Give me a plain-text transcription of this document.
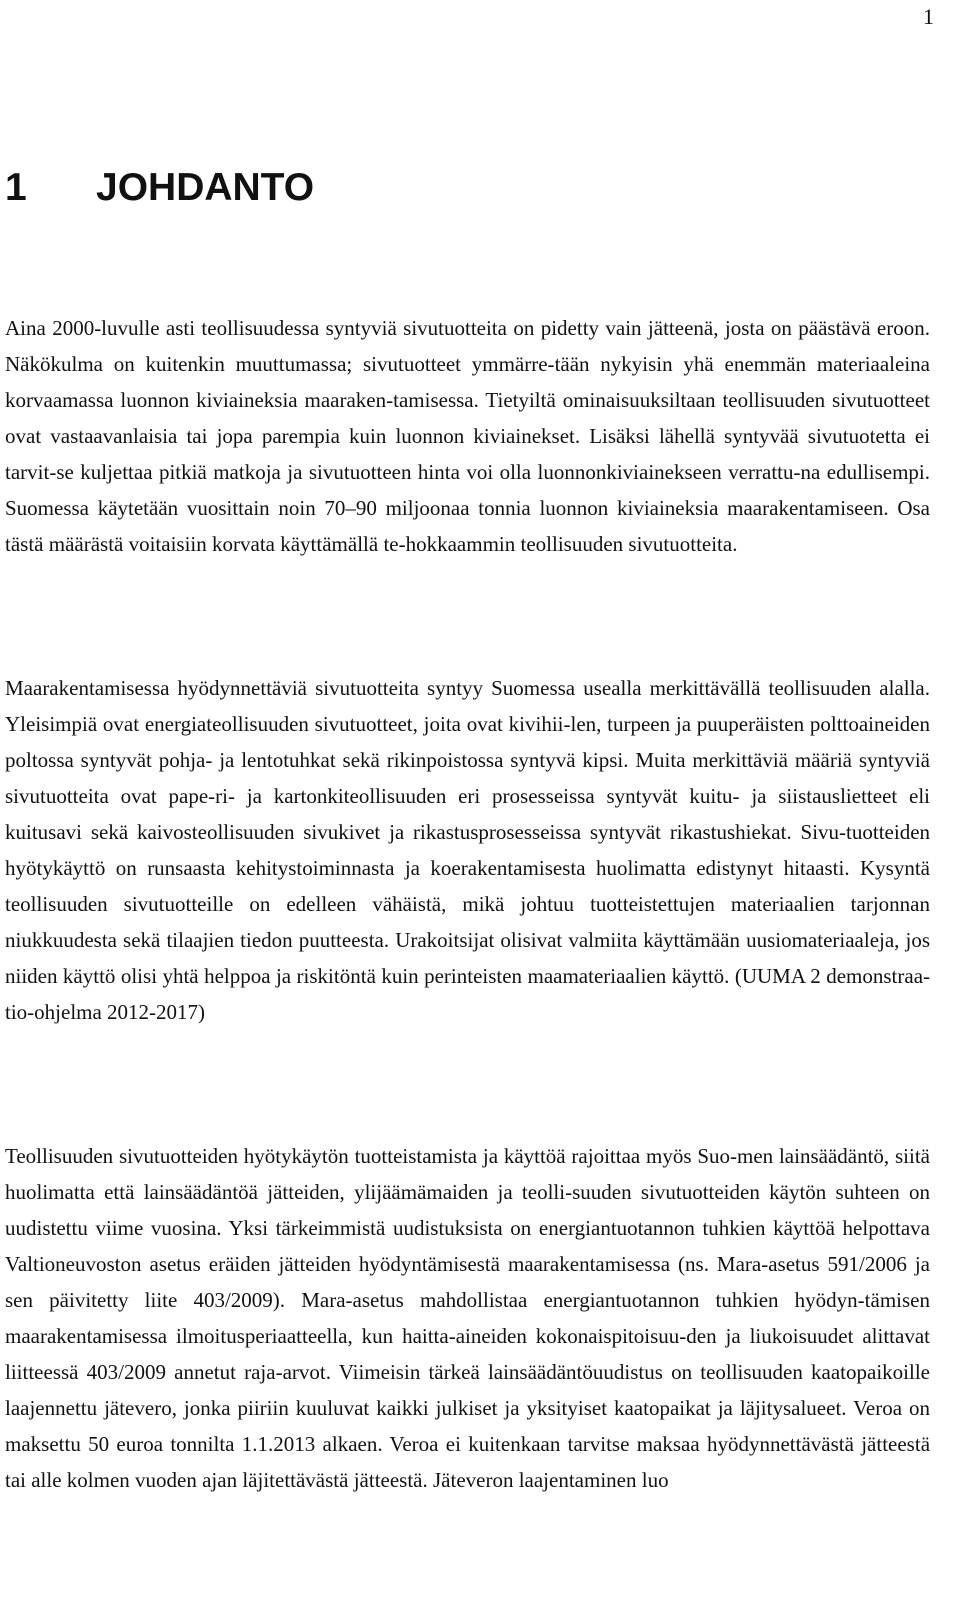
1
1 JOHDANTO
Aina 2000-luvulle asti teollisuudessa syntyviä sivutuotteita on pidetty vain jätteenä, josta on päästävä eroon. Näkökulma on kuitenkin muuttumassa; sivutuotteet ymmärre-tään nykyisin yhä enemmän materiaaleina korvaamassa luonnon kiviaineksia maaraken-tamisessa. Tietyiltä ominaisuuksiltaan teollisuuden sivutuotteet ovat vastaavanlaisia tai jopa parempia kuin luonnon kiviainekset. Lisäksi lähellä syntyvää sivutuotetta ei tarvit-se kuljettaa pitkiä matkoja ja sivutuotteen hinta voi olla luonnonkiviainekseen verrattu-na edullisempi. Suomessa käytetään vuosittain noin 70–90 miljoonaa tonnia luonnon kiviaineksia maarakentamiseen. Osa tästä määrästä voitaisiin korvata käyttämällä te-hokkaammin teollisuuden sivutuotteita.
Maarakentamisessa hyödynnettäviä sivutuotteita syntyy Suomessa usealla merkittävällä teollisuuden alalla. Yleisimpiä ovat energiateollisuuden sivutuotteet, joita ovat kivihii-len, turpeen ja puuperäisten polttoaineiden poltossa syntyvät pohja- ja lentotuhkat sekä rikinpoistossa syntyvä kipsi. Muita merkittäviä määriä syntyviä sivutuotteita ovat pape-ri- ja kartonkiteollisuuden eri prosesseissa syntyvät kuitu- ja siistauslietteet eli kuitusavi sekä kaivosteollisuuden sivukivet ja rikastusprosesseissa syntyvät rikastushiekat. Sivu-tuotteiden hyötykäyttö on runsaasta kehitystoiminnasta ja koerakentamisesta huolimatta edistynyt hitaasti. Kysyntä teollisuuden sivutuotteille on edelleen vähäistä, mikä johtuu tuotteistettujen materiaalien tarjonnan niukkuudesta sekä tilaajien tiedon puutteesta. Urakoitsijat olisivat valmiita käyttämään uusiomateriaaleja, jos niiden käyttö olisi yhtä helppoa ja riskitöntä kuin perinteisten maamateriaalien käyttö. (UUMA 2 demonstraa-tio-ohjelma 2012-2017)
Teollisuuden sivutuotteiden hyötykäytön tuotteistamista ja käyttöä rajoittaa myös Suo-men lainsäädäntö, siitä huolimatta että lainsäädäntöä jätteiden, ylijäämämaiden ja teolli-suuden sivutuotteiden käytön suhteen on uudistettu viime vuosina. Yksi tärkeimmistä uudistuksista on energiantuotannon tuhkien käyttöä helpottava Valtioneuvoston asetus eräiden jätteiden hyödyntämisestä maarakentamisessa (ns. Mara-asetus 591/2006 ja sen päivitetty liite 403/2009). Mara-asetus mahdollistaa energiantuotannon tuhkien hyödyn-tämisen maarakentamisessa ilmoitusperiaatteella, kun haitta-aineiden kokonaispitoisuu-den ja liukoisuudet alittavat liitteessä 403/2009 annetut raja-arvot. Viimeisin tärkeä lainsäädäntöuudistus on teollisuuden kaatopaikoille laajennettu jätevero, jonka piiriin kuuluvat kaikki julkiset ja yksityiset kaatopaikat ja läjitysalueet. Veroa on maksettu 50 euroa tonnilta 1.1.2013 alkaen. Veroa ei kuitenkaan tarvitse maksaa hyödynnettävästä jätteestä tai alle kolmen vuoden ajan läjitettävästä jätteestä. Jäteveron laajentaminen luo
